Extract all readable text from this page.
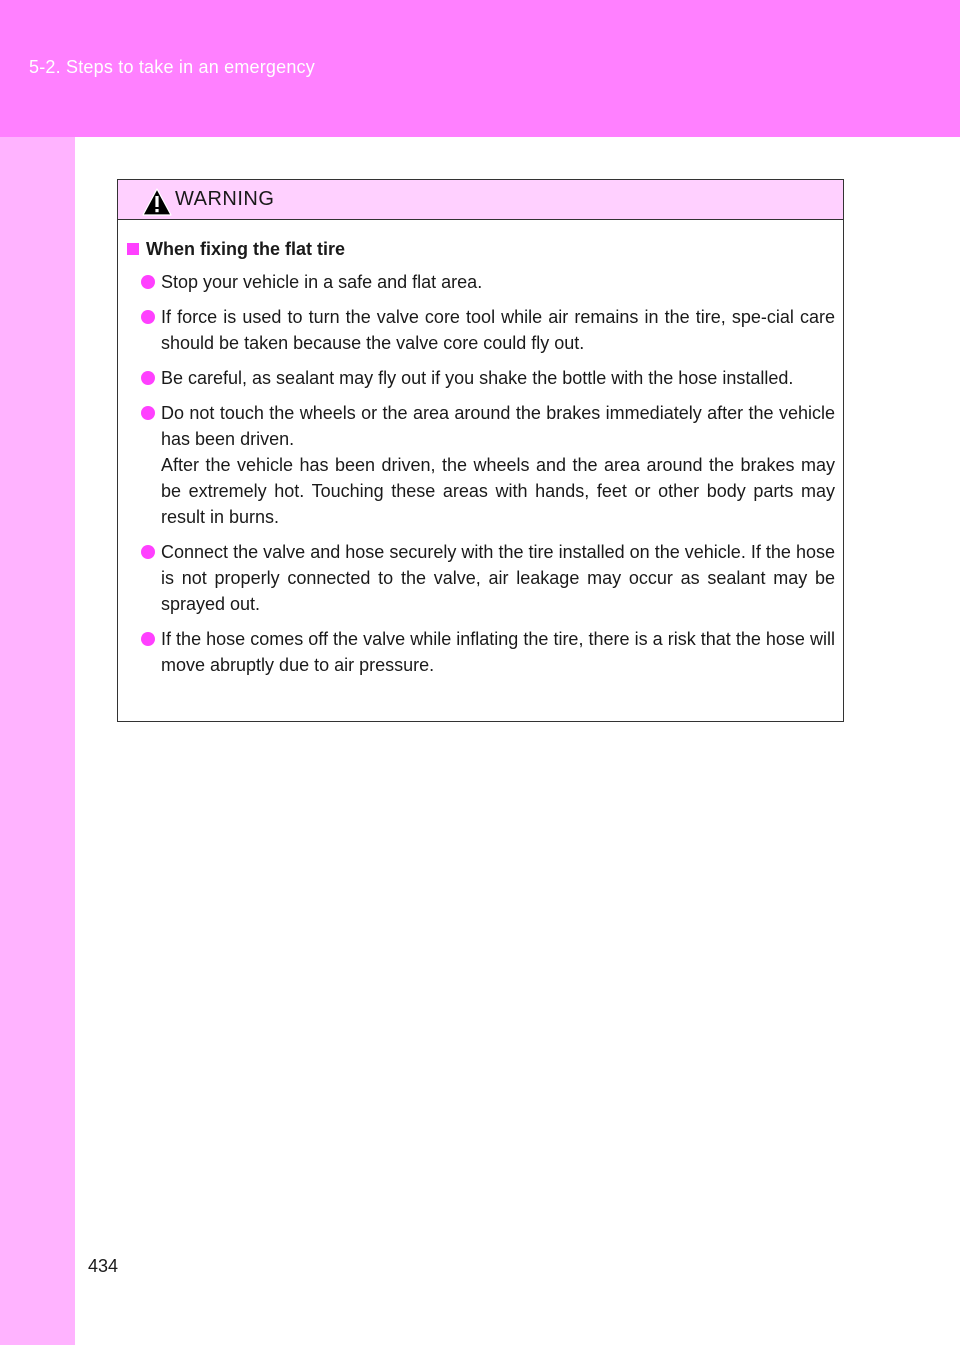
5-2. Steps to take in an emergency
434
WARNING
When fixing the flat tire

Stop your vehicle in a safe and flat area.

If force is used to turn the valve core tool while air remains in the tire, spe-cial care should be taken because the valve core could fly out.

Be careful, as sealant may fly out if you shake the bottle with the hose installed.

Do not touch the wheels or the area around the brakes immediately after the vehicle has been driven.

After the vehicle has been driven, the wheels and the area around the brakes may be extremely hot. Touching these areas with hands, feet or other body parts may result in burns.

Connect the valve and hose securely with the tire installed on the vehicle. If the hose is not properly connected to the valve, air leakage may occur as sealant may be sprayed out.

If the hose comes off the valve while inflating the tire, there is a risk that the hose will move abruptly due to air pressure.
